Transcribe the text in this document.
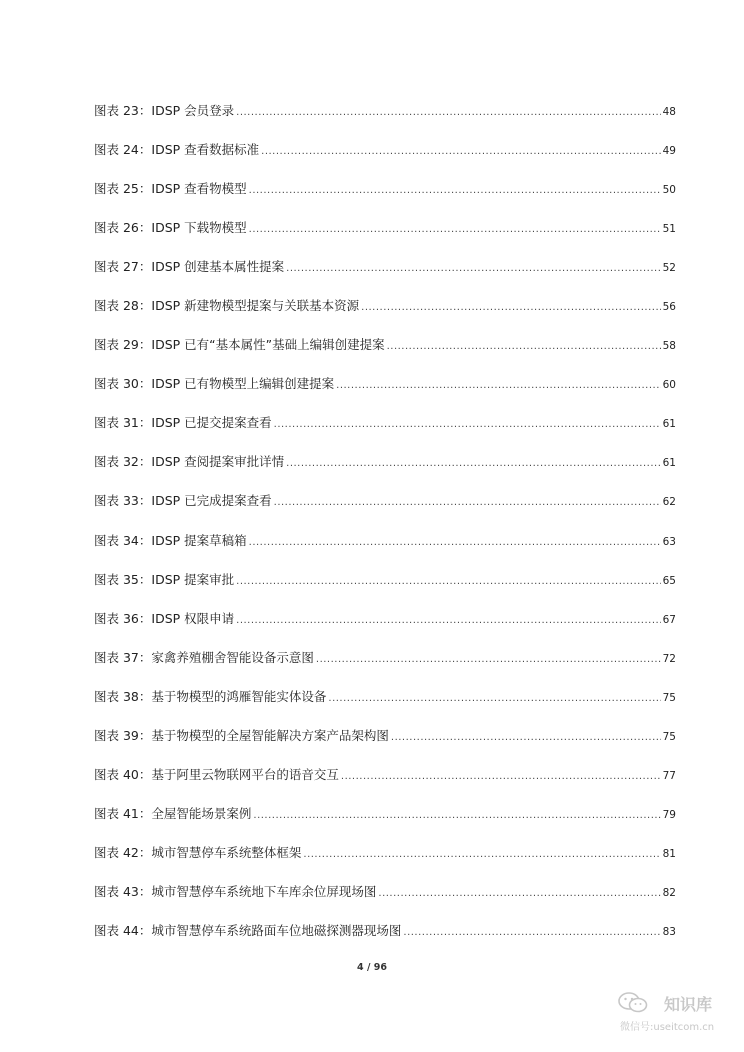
图表 23：IDSP 会员登录 .....	48
图表 24：IDSP 查看数据标准 .....	49
图表 25：IDSP 查看物模型 .....	50
图表 26：IDSP 下载物模型 .....	51
图表 27：IDSP 创建基本属性提案 .....	52
图表 28：IDSP 新建物模型提案与关联基本资源 .....	56
图表 29：IDSP 已有“基本属性”基础上编辑创建提案 .....	58
图表 30：IDSP 已有物模型上编辑创建提案 .....	60
图表 31：IDSP 已提交提案查看 .....	61
图表 32：IDSP 查阅提案审批详情 .....	61
图表 33：IDSP 已完成提案查看 .....	62
图表 34：IDSP 提案草稿箱 .....	63
图表 35：IDSP 提案审批 .....	65
图表 36：IDSP 权限申请 .....	67
图表 37：家禽养殖棚舍智能设备示意图 .....	72
图表 38：基于物模型的鸿雁智能实体设备 .....	75
图表 39：基于物模型的全屋智能解决方案产品架构图 .....	75
图表 40：基于阿里云物联网平台的语音交互 .....	77
图表 41：全屋智能场景案例 .....	79
图表 42：城市智慧停车系统整体框架 .....	81
图表 43：城市智慧停车系统地下车库余位屏现场图 .....	82
图表 44：城市智慧停车系统路面车位地磁探测器现场图 .....	83
4 / 96
知识库
微信号:useitcom.cn
